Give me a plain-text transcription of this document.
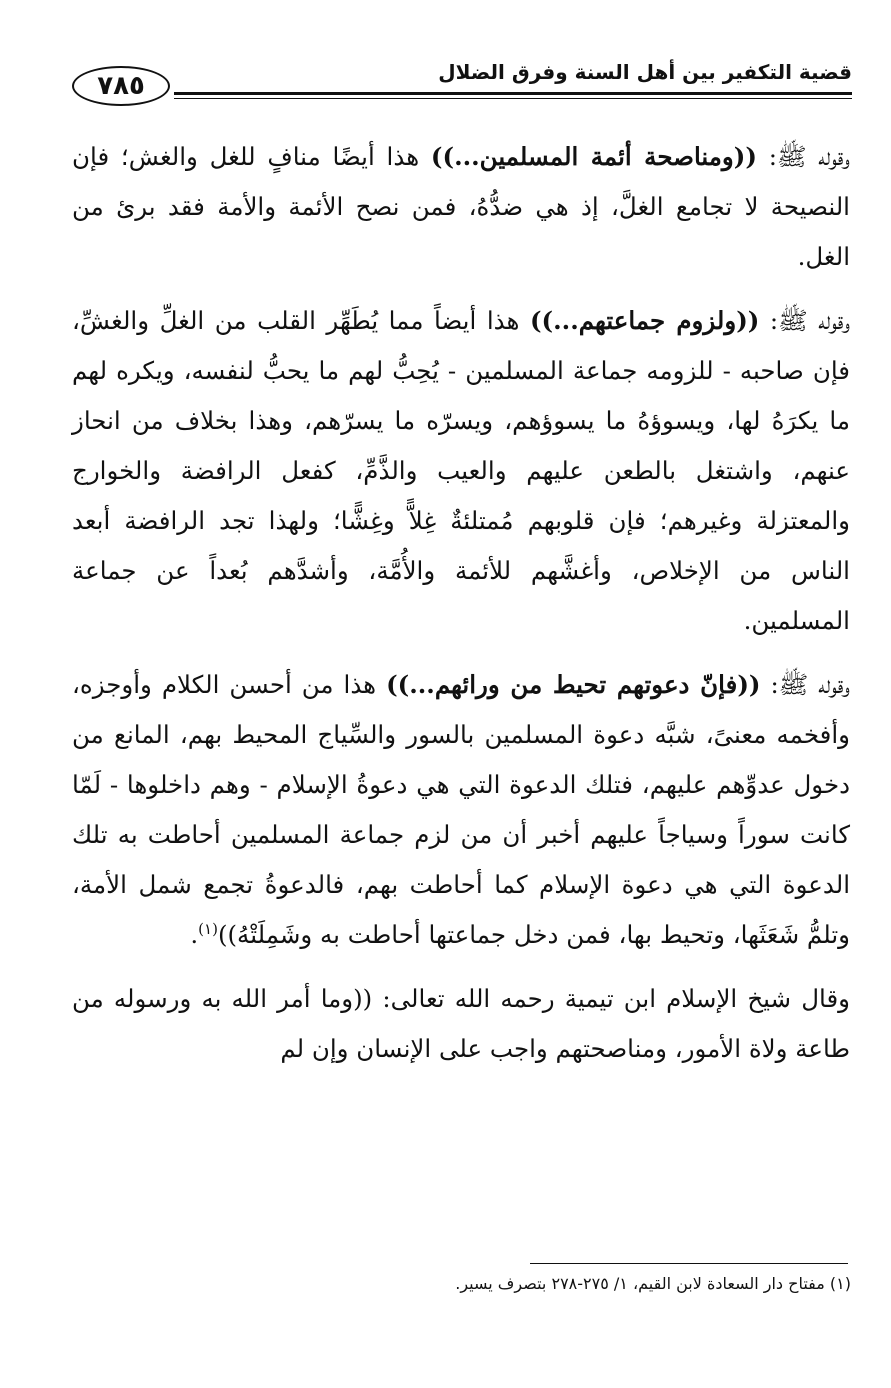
قضية التكفير بين أهل السنة وفرق الضلال
٧٨٥

وقوله ﷺ: ((ومناصحة أئمة المسلمين...)) هذا أيضًا منافٍ للغل والغش؛ فإن النصيحة لا تجامع الغلَّ، إذ هي ضدُّهُ، فمن نصح الأئمة والأمة فقد برئ من الغل.

وقوله ﷺ: ((ولزوم جماعتهم...)) هذا أيضاً مما يُطَهِّر القلب من الغلِّ والغشِّ، فإن صاحبه - للزومه جماعة المسلمين - يُحِبُّ لهم ما يحبُّ لنفسه، ويكره لهم ما يكرَهُ لها، ويسوؤهُ ما يسوؤهم، ويسرّه ما يسرّهم، وهذا بخلاف من انحاز عنهم، واشتغل بالطعن عليهم والعيب والذَّمِّ، كفعل الرافضة والخوارج والمعتزلة وغيرهم؛ فإن قلوبهم مُمتلئةٌ غِلاًّ وغِشًّا؛ ولهذا تجد الرافضة أبعد الناس من الإخلاص، وأغشَّهم للأئمة والأُمَّة، وأشدَّهم بُعداً عن جماعة المسلمين.

وقوله ﷺ: ((فإنّ دعوتهم تحيط من ورائهم...)) هذا من أحسن الكلام وأوجزه، وأفخمه معنىً، شبَّه دعوة المسلمين بالسور والسِّياج المحيط بهم، المانع من دخول عدوِّهم عليهم، فتلك الدعوة التي هي دعوةُ الإسلام - وهم داخلوها - لَمّا كانت سوراً وسياجاً عليهم أخبر أن من لزم جماعة المسلمين أحاطت به تلك الدعوة التي هي دعوة الإسلام كما أحاطت بهم، فالدعوةُ تجمع شمل الأمة، وتلمُّ شَعَثَها، وتحيط بها، فمن دخل جماعتها أحاطت به وشَمِلَتْهُ))$^{(١)}$.

وقال شيخ الإسلام ابن تيمية رحمه الله تعالى: ((وما أمر الله به ورسوله من طاعة ولاة الأمور، ومناصحتهم واجب على الإنسان وإن لم

(١) مفتاح دار السعادة لابن القيم، ١/ ٢٧٥-٢٧٨ بتصرف يسير.
